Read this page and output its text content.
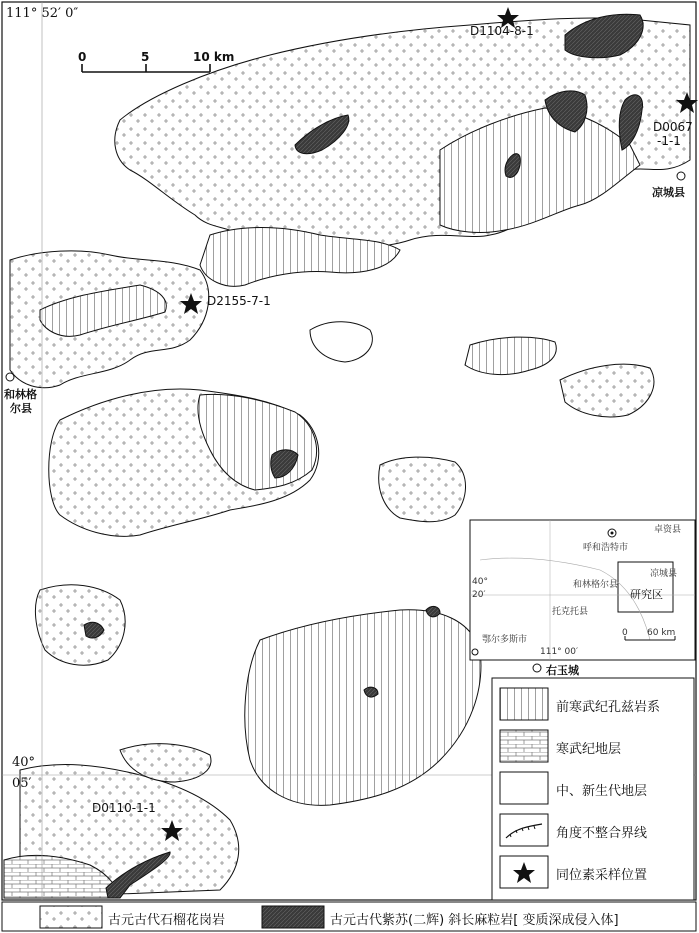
111° 52′ 0″
40°
05′
0	5	10 km
D1104-8-1
D0067
-1-1
D2155-7-1
D0110-1-1
凉城县
和林格
尔县
右玉城
呼和浩特市
卓资县
凉城县
和林格尔县
研究区
托克托县
鄂尔多斯市
40°
20′
111° 00′
0 60 km
前寒武纪孔兹岩系
寒武纪地层
中、新生代地层
角度不整合界线
同位素采样位置
古元古代石榴花岗岩	古元古代紫苏(二辉) 斜长麻粒岩[ 变质深成侵入体]
